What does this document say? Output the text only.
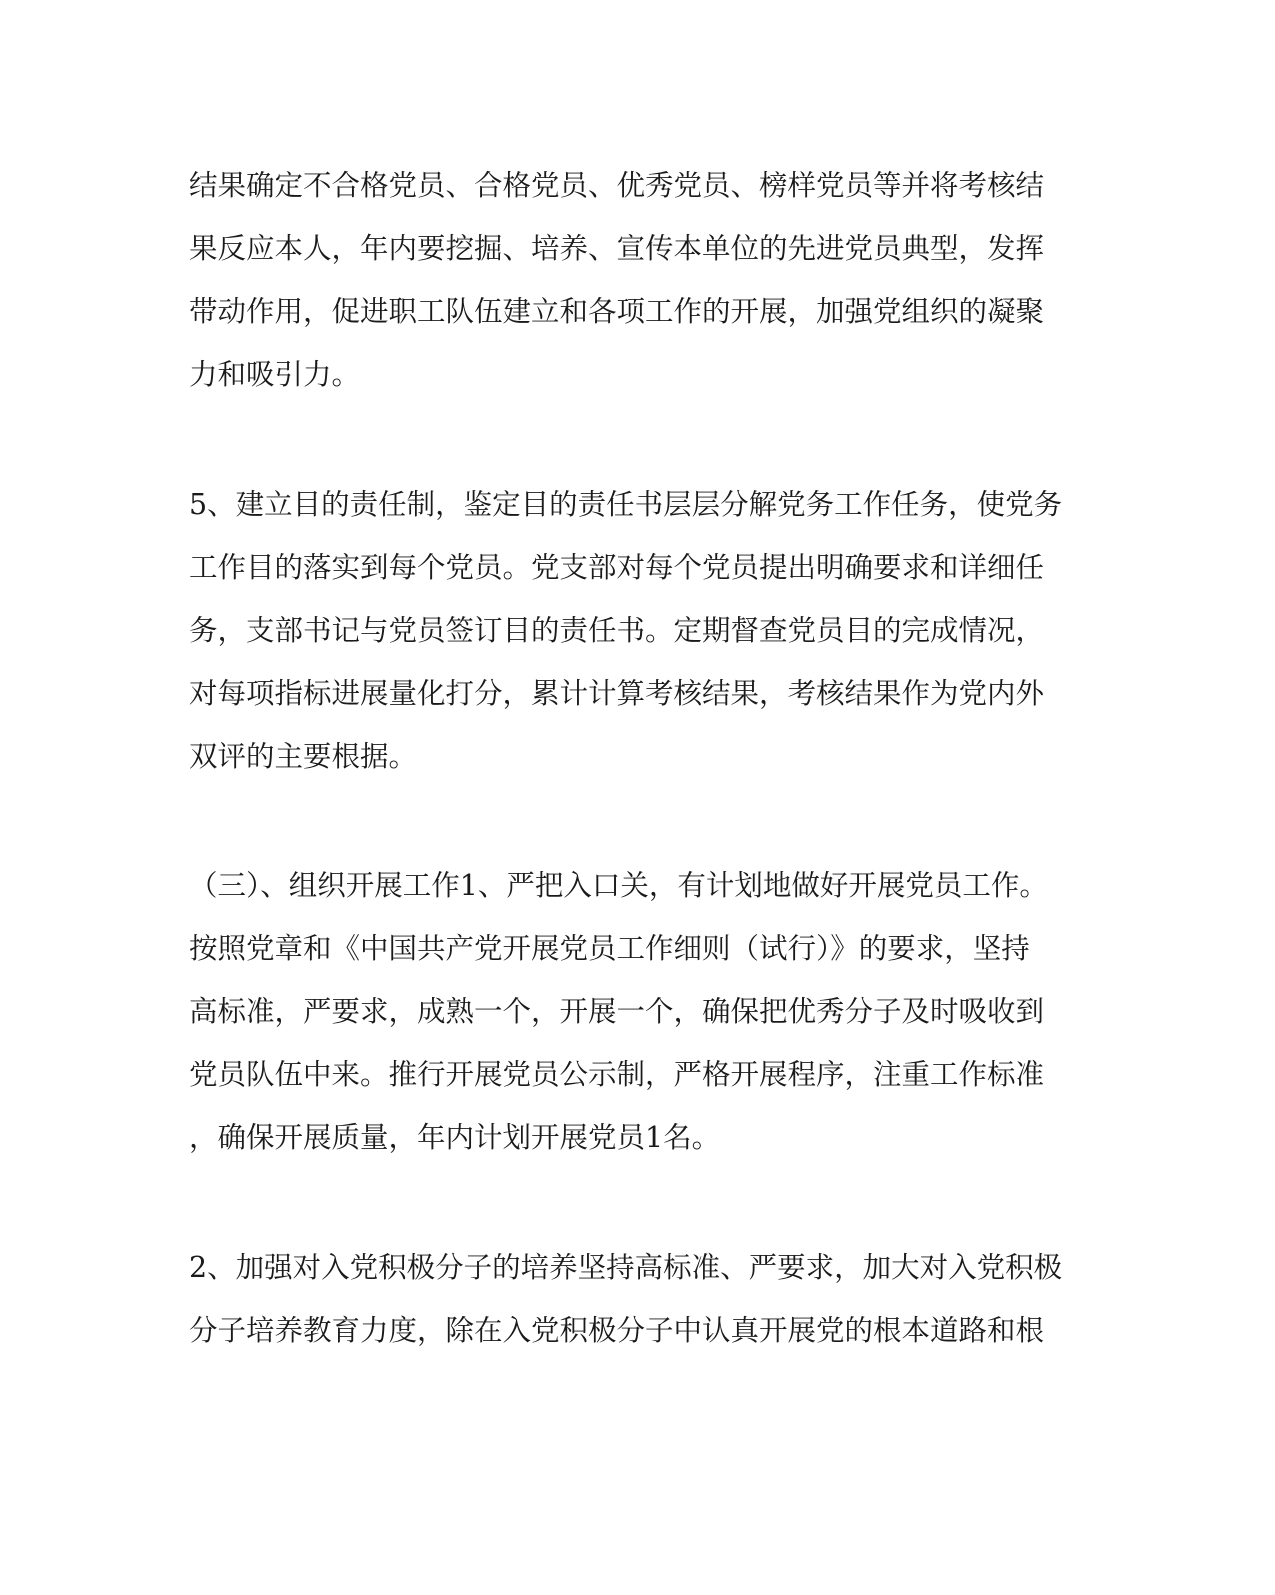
结果确定不合格党员、合格党员、优秀党员、榜样党员等并将考核结
果反应本人，年内要挖掘、培养、宣传本单位的先进党员典型，发挥
带动作用，促进职工队伍建立和各项工作的开展，加强党组织的凝聚
力和吸引力。
5、建立目的责任制，鉴定目的责任书层层分解党务工作任务，使党务
工作目的落实到每个党员。党支部对每个党员提出明确要求和详细任
务，支部书记与党员签订目的责任书。定期督查党员目的完成情况，
对每项指标进展量化打分，累计计算考核结果，考核结果作为党内外
双评的主要根据。
（三）、组织开展工作1、严把入口关，有计划地做好开展党员工作。
按照党章和《中国共产党开展党员工作细则（试行）》的要求，坚持
高标准，严要求，成熟一个，开展一个，确保把优秀分子及时吸收到
党员队伍中来。推行开展党员公示制，严格开展程序，注重工作标准
，确保开展质量，年内计划开展党员1名。
2、加强对入党积极分子的培养坚持高标准、严要求，加大对入党积极
分子培养教育力度，除在入党积极分子中认真开展党的根本道路和根
